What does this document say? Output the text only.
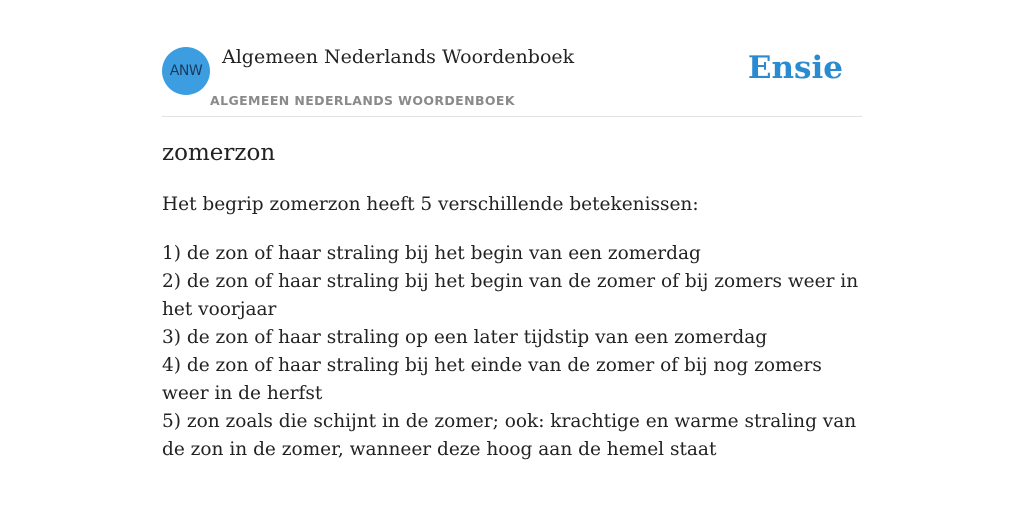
ANW
Algemeen Nederlands Woordenboek
ALGEMEEN NEDERLANDS WOORDENBOEK
Ensie
zomerzon
Het begrip zomerzon heeft 5 verschillende betekenissen:
1) de zon of haar straling bij het begin van een zomerdag
2) de zon of haar straling bij het begin van de zomer of bij zomers weer in het voorjaar
3) de zon of haar straling op een later tijdstip van een zomerdag
4) de zon of haar straling bij het einde van de zomer of bij nog zomers weer in de herfst
5) zon zoals die schijnt in de zomer; ook: krachtige en warme straling van de zon in de zomer, wanneer deze hoog aan de hemel staat
